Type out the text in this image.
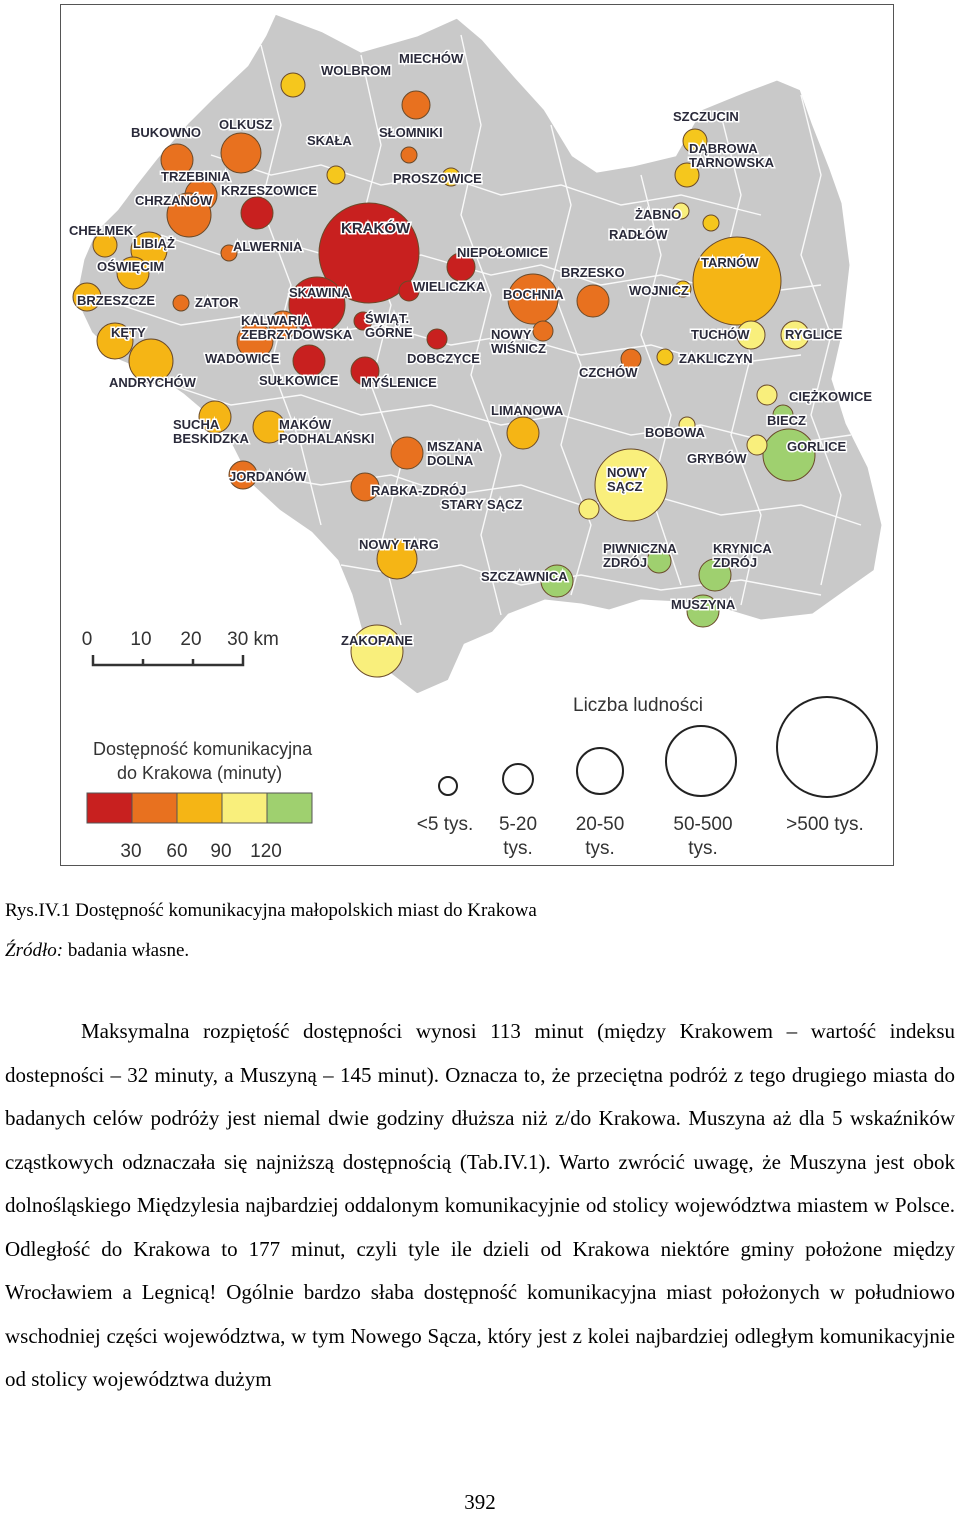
WOLBROM
MIECHÓW
BUKOWNO
OLKUSZ
SKAŁA
SŁOMNIKI
TRZEBINIA
KRZESZOWICE
PROSZOWICE
CHRZANÓW
CHEŁMEK
LIBIĄŻ	ALWERNIA
KRAKÓW
NIEPOŁOMICE
OŚWIĘCIM
BRZESZCZE	ZATOR
SKAWINA	WIELICZKA
BOCHNIA
BRZESKO
KĘTY
KALWARIA ZEBRZYDOWSKA
ŚWIĄT. GÓRNE	NOWY WIŚNICZ
ANDRYCHÓW
WADOWICE
SUŁKOWICE MYŚLENICE
DOBCZYCE
CZCHÓW
SZCZUCIN
DĄBROWA TARNOWSKA
ŻABNO
RADŁÓW
TARNÓW
WOJNICZ
TUCHÓW	RYGLICE
ZAKLICZYN
CIĘŻKOWICE
BIECZ
GORLICE
BOBOWA
GRYBÓW
SUCHA BESKIDZKA
MAKÓW PODHALAŃSKI
LIMANOWA
MSZANA DOLNA
JORDANÓW
RABKA-ZDRÓJ
NOWY SĄCZ
STARY SĄCZ
NOWY TARG	PIWNICZNA ZDRÓJ
KRYNICA ZDRÓJ
SZCZAWNICA
MUSZYNA
ZAKOPANE
0 10 20 30 km
Dostępność komunikacyjna
do Krakowa (minuty)
30 60 90 120
Liczba ludności
<5 tys. 5-20
tys.
20-50
tys.
50-500
tys.
>500 tys.
Rys.IV.1 Dostępność komunikacyjna małopolskich miast do Krakowa
Źródło: badania własne.

Maksymalna rozpiętość dostępności wynosi 113 minut (między Krakowem – wartość indeksu dostepności – 32 minuty, a Muszyną – 145 minut). Oznacza to, że przeciętna podróż z tego drugiego miasta do badanych celów podróży jest niemal dwie godziny dłuższa niż z/do Krakowa. Muszyna aż dla 5 wskaźników cząstkowych odznaczała się najniższą dostępnością (Tab.IV.1). Warto zwrócić uwagę, że Muszyna jest obok dolnośląskiego Międzylesia najbardziej oddalonym komunikacyjnie od stolicy województwa miastem w Polsce. Odległość do Krakowa to 177 minut, czyli tyle ile dzieli od Krakowa niektóre gminy położone między Wrocławiem a Legnicą! Ogólnie bardzo słaba dostępność komunikacyjna miast położonych w południowo wschodniej części województwa, w tym Nowego Sącza, który jest z kolei najbardziej odległym komunikacyjnie od stolicy województwa dużym

392
